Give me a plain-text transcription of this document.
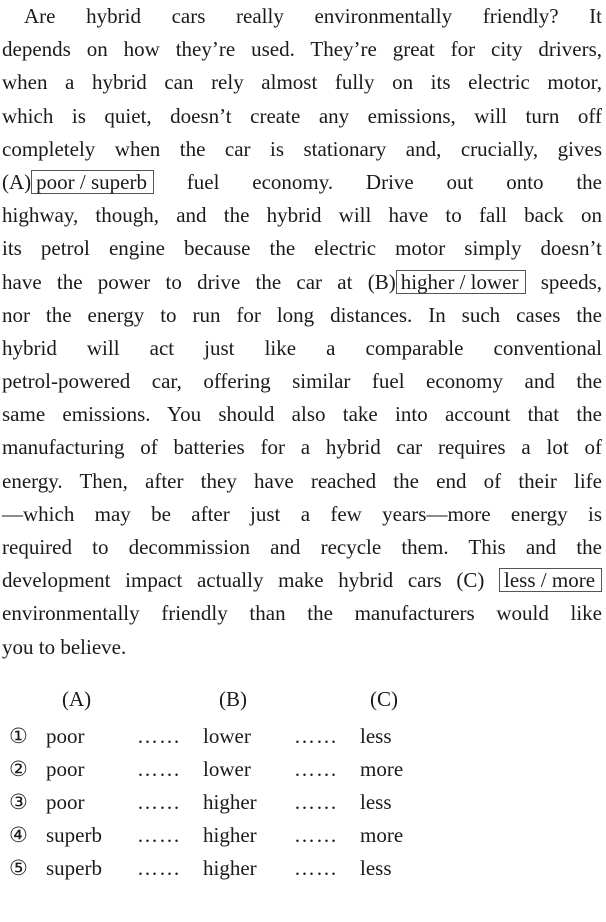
Are hybrid cars really environmentally friendly? It
depends on how they’re used. They’re great for city drivers,
when a hybrid can rely almost fully on its electric motor,
which is quiet, doesn’t create any emissions, will turn off
completely when the car is stationary and, crucially, gives
(A) poor / superb fuel economy. Drive out onto the
highway, though, and the hybrid will have to fall back on
its petrol engine because the electric motor simply doesn’t
have the power to drive the car at (B) higher / lower speeds,
nor the energy to run for long distances. In such cases the
hybrid will act just like a comparable conventional
petrol-powered car, offering similar fuel economy and the
same emissions. You should also take into account that the
manufacturing of batteries for a hybrid car requires a lot of
energy. Then, after they have reached the end of their life
—which may be after just a few years—more energy is
required to decommission and recycle them. This and the
development impact actually make hybrid cars (C) less / more
environmentally friendly than the manufacturers would like
you to believe.
(A)	(B)	(C)
① poor	…… lower …… less
② poor	…… lower …… more
③ poor	…… higher …… less
④ superb …… higher …… more
⑤ superb …… higher …… less
